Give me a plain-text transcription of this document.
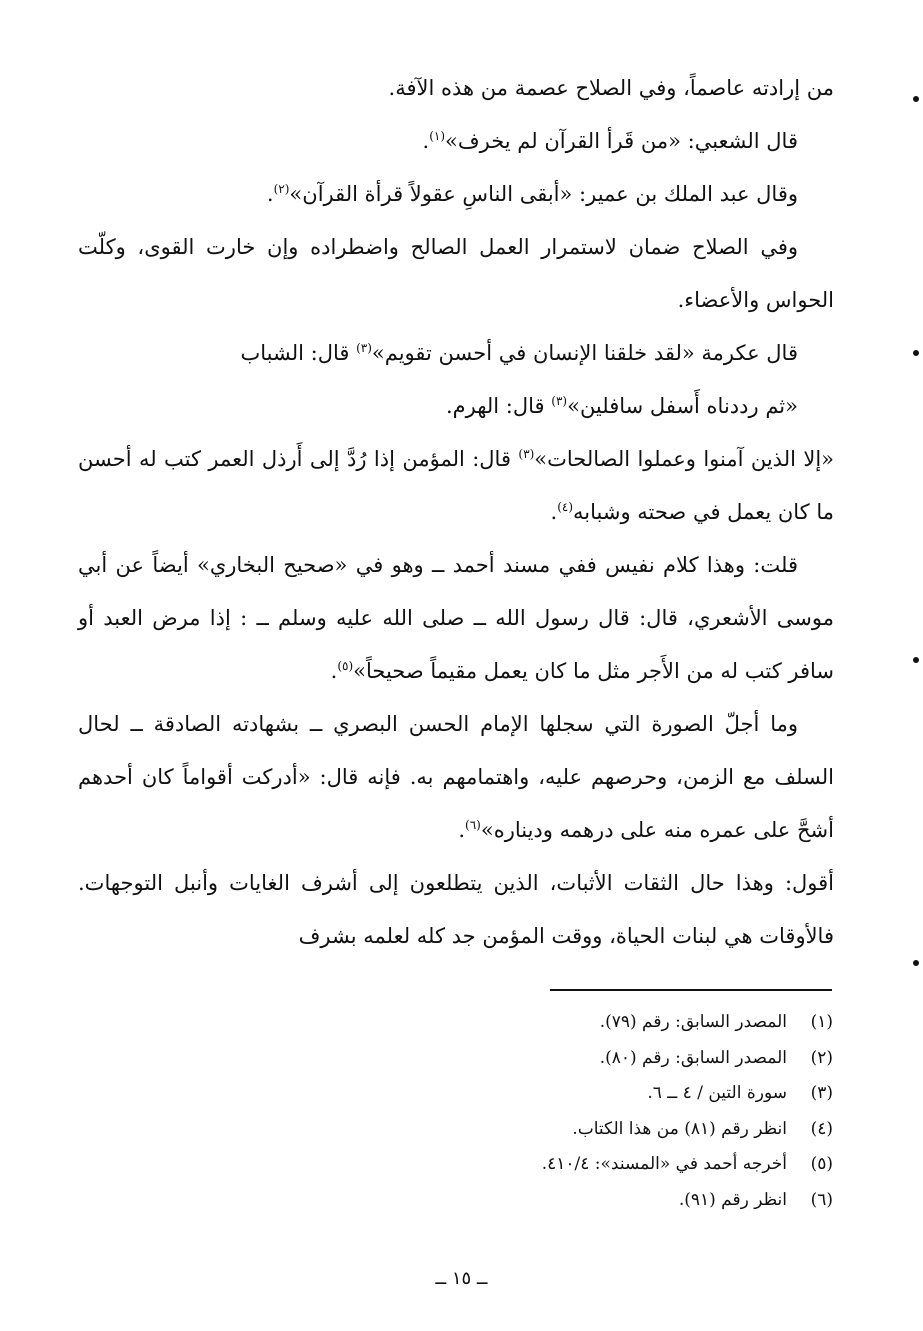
من إرادته عاصماً، وفي الصلاح عصمة من هذه الآفة.

قال الشعبي: «من قَرأ القرآن لم يخرف»$^{(١)}$.

وقال عبد الملك بن عمير: «أبقى الناسِ عقولاً قرأة القرآن»$^{(٢)}$.

وفي الصلاح ضمان لاستمرار العمل الصالح واضطراده وإن خارت القوى، وكلّت الحواس والأعضاء.

قال عكرمة «لقد خلقنا الإنسان في أحسن تقويم»$^{(٣)}$ قال: الشباب

«ثم رددناه أَسفل سافلين»$^{(٣)}$ قال: الهرم.

«إلا الذين آمنوا وعملوا الصالحات»$^{(٣)}$ قال: المؤمن إذا رُدَّ إلى أَرذل العمر كتب له أحسن ما كان يعمل في صحته وشبابه$^{(٤)}$.

قلت: وهذا كلام نفيس ففي مسند أحمد ــ وهو في «صحيح البخاري» أيضاً عن أبي موسى الأشعري، قال: قال رسول الله ــ صلى الله عليه وسلم ــ : إذا مرض العبد أو سافر كتب له من الأَجر مثل ما كان يعمل مقيماً صحيحاً»$^{(٥)}$.

وما أجلّ الصورة التي سجلها الإمام الحسن البصري ــ بشهادته الصادقة ــ لحال السلف مع الزمن، وحرصهم عليه، واهتمامهم به. فإنه قال: «أدركت أقواماً كان أحدهم أشحَّ على عمره منه على درهمه وديناره»$^{(٦)}$.

أقول: وهذا حال الثقات الأثبات، الذين يتطلعون إلى أشرف الغايات وأنبل التوجهات. فالأوقات هي لبنات الحياة، ووقت المؤمن جد كله لعلمه بشرف

(١)المصدر السابق: رقم (٧٩).
(٢)المصدر السابق: رقم (٨٠).
(٣)سورة التين / ٤ ــ ٦.
(٤)انظر رقم (٨١) من هذا الكتاب.
(٥)أخرجه أحمد في «المسند»: ٤١٠/٤.
(٦)انظر رقم (٩١).
ــ ١٥ ــ
